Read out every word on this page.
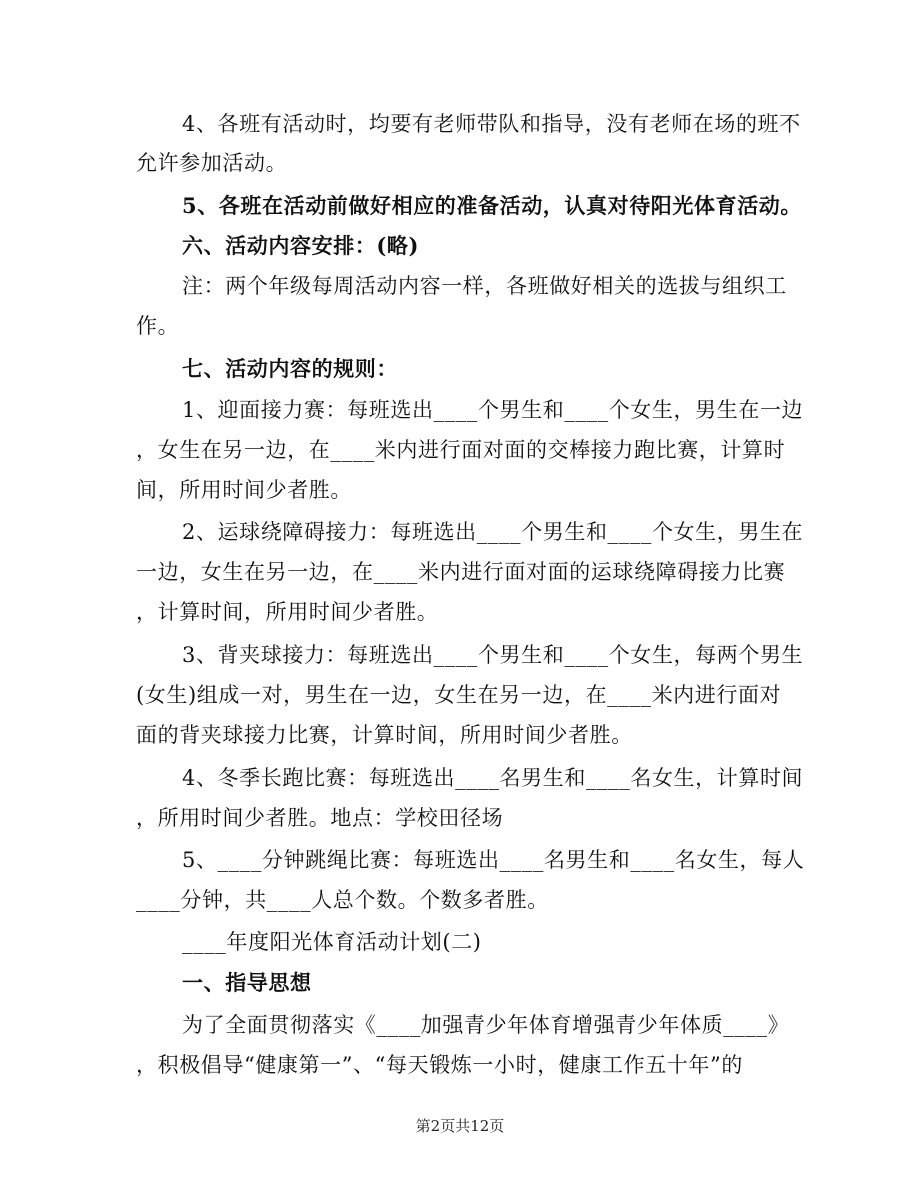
4、各班有活动时，均要有老师带队和指导，没有老师在场的班不
允许参加活动。
5、各班在活动前做好相应的准备活动，认真对待阳光体育活动。
六、活动内容安排：(略)
注：两个年级每周活动内容一样，各班做好相关的选拔与组织工
作。
七、活动内容的规则：
1、迎面接力赛：每班选出____个男生和____个女生，男生在一边
，女生在另一边，在____米内进行面对面的交棒接力跑比赛，计算时
间，所用时间少者胜。
2、运球绕障碍接力：每班选出____个男生和____个女生，男生在
一边，女生在另一边，在____米内进行面对面的运球绕障碍接力比赛
，计算时间，所用时间少者胜。
3、背夹球接力：每班选出____个男生和____个女生，每两个男生
(女生)组成一对，男生在一边，女生在另一边，在____米内进行面对
面的背夹球接力比赛，计算时间，所用时间少者胜。
4、冬季长跑比赛：每班选出____名男生和____名女生，计算时间
，所用时间少者胜。地点：学校田径场
5、____分钟跳绳比赛：每班选出____名男生和____名女生，每人
____分钟，共____人总个数。个数多者胜。
____年度阳光体育活动计划(二)
一、指导思想
为了全面贯彻落实《____加强青少年体育增强青少年体质____》
，积极倡导“健康第一”、“每天锻炼一小时，健康工作五十年”的
第2页共12页
